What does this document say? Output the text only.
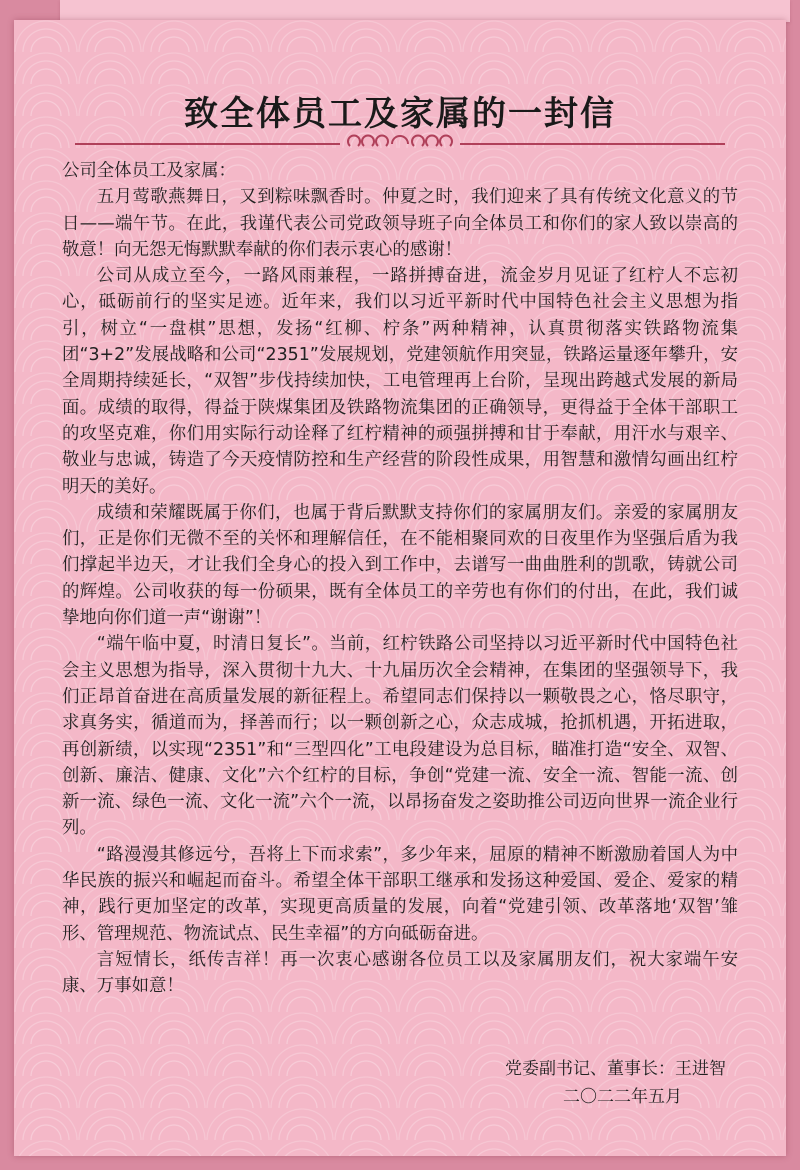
致全体员工及家属的一封信

公司全体员工及家属：

五月莺歌燕舞日，又到粽味飘香时。仲夏之时，我们迎来了具有传统文化意义的节日——端午节。在此，我谨代表公司党政领导班子向全体员工和你们的家人致以崇高的敬意！向无怨无悔默默奉献的你们表示衷心的感谢！

公司从成立至今，一路风雨兼程，一路拼搏奋进，流金岁月见证了红柠人不忘初心，砥砺前行的坚实足迹。近年来，我们以习近平新时代中国特色社会主义思想为指引，树立“一盘棋”思想，发扬“红柳、柠条”两种精神，认真贯彻落实铁路物流集团“3+2”发展战略和公司“2351”发展规划，党建领航作用突显，铁路运量逐年攀升，安全周期持续延长，“双智”步伐持续加快，工电管理再上台阶，呈现出跨越式发展的新局面。成绩的取得，得益于陕煤集团及铁路物流集团的正确领导，更得益于全体干部职工的攻坚克难，你们用实际行动诠释了红柠精神的顽强拼搏和甘于奉献，用汗水与艰辛、敬业与忠诚，铸造了今天疫情防控和生产经营的阶段性成果，用智慧和激情勾画出红柠明天的美好。

成绩和荣耀既属于你们，也属于背后默默支持你们的家属朋友们。亲爱的家属朋友们，正是你们无微不至的关怀和理解信任，在不能相聚同欢的日夜里作为坚强后盾为我们撑起半边天，才让我们全身心的投入到工作中，去谱写一曲曲胜利的凯歌，铸就公司的辉煌。公司收获的每一份硕果，既有全体员工的辛劳也有你们的付出，在此，我们诚挚地向你们道一声“谢谢”！

“端午临中夏，时清日复长”。当前，红柠铁路公司坚持以习近平新时代中国特色社会主义思想为指导，深入贯彻十九大、十九届历次全会精神，在集团的坚强领导下，我们正昂首奋进在高质量发展的新征程上。希望同志们保持以一颗敬畏之心，恪尽职守，求真务实，循道而为，择善而行；以一颗创新之心，众志成城，抢抓机遇，开拓进取，再创新绩，以实现“2351”和“三型四化”工电段建设为总目标，瞄准打造“安全、双智、创新、廉洁、健康、文化”六个红柠的目标，争创“党建一流、安全一流、智能一流、创新一流、绿色一流、文化一流”六个一流，以昂扬奋发之姿助推公司迈向世界一流企业行列。

“路漫漫其修远兮，吾将上下而求索”，多少年来，屈原的精神不断激励着国人为中华民族的振兴和崛起而奋斗。希望全体干部职工继承和发扬这种爱国、爱企、爱家的精神，践行更加坚定的改革，实现更高质量的发展，向着“党建引领、改革落地‘双智’雏形、管理规范、物流试点、民生幸福”的方向砥砺奋进。

言短情长，纸传吉祥！再一次衷心感谢各位员工以及家属朋友们，祝大家端午安康、万事如意！

党委副书记、董事长：王进智
二〇二二年五月
